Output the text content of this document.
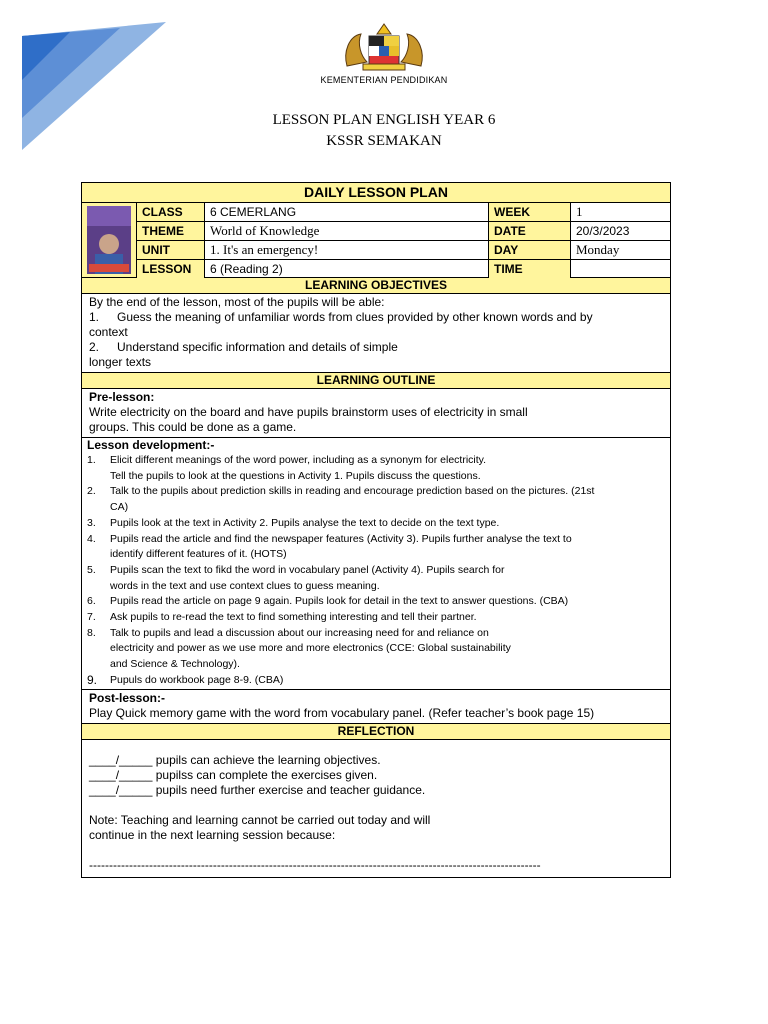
KEMENTERIAN PENDIDIKAN
LESSON PLAN ENGLISH YEAR 6
KSSR SEMAKAN
DAILY LESSON PLAN
CLASS	6 CEMERLANG	WEEK	1
THEME	World of Knowledge	DATE	20/3/2023
UNIT	1. It's an emergency!	DAY	Monday
LESSON	6 (Reading 2)	TIME
LEARNING OBJECTIVES
By the end of the lesson, most of the pupils will be able:
1.	Guess the meaning of unfamiliar words from clues provided by other known words and by
context
2.	Understand specific information and details of simple
longer texts
LEARNING OUTLINE
Pre-lesson:
Write electricity on the board and have pupils brainstorm uses of electricity in small
groups. This could be done as a game.
Lesson development:-
1.	Elicit different meanings of the word power, including as a synonym for electricity.
Tell the pupils to look at the questions in Activity 1. Pupils discuss the questions.
2.	Talk to the pupils about prediction skills in reading and encourage prediction based on the pictures. (21st
CA)
3.	Pupils look at the text in Activity 2. Pupils analyse the text to decide on the text type.
4.	Pupils read the article and find the newspaper features (Activity 3). Pupils further analyse the text to
identify different features of it. (HOTS)
5.	Pupils scan the text to fikd the word in vocabulary panel (Activity 4). Pupils search for
words in the text and use context clues to guess meaning.
6.	Pupils read the article on page 9 again. Pupils look for detail in the text to answer questions. (CBA)
7.	Ask pupils to re-read the text to find something interesting and tell their partner.
8.	Talk to pupils and lead a discussion about our increasing need for and reliance on
electricity and power as we use more and more electronics (CCE: Global sustainability
and Science & Technology).
9.	Pupuls do workbook page 8-9. (CBA)
Post-lesson:-
Play Quick memory game with the word from vocabulary panel. (Refer teacher’s book page 15)
REFLECTION
____/_____ pupils can achieve the learning objectives.
____/_____ pupilss can complete the exercises given.
____/_____ pupils need further exercise and teacher guidance.
Note: Teaching and learning cannot be carried out today and will
continue in the next learning session because:
-----------------------------------------------------------------------------------------------------------------
